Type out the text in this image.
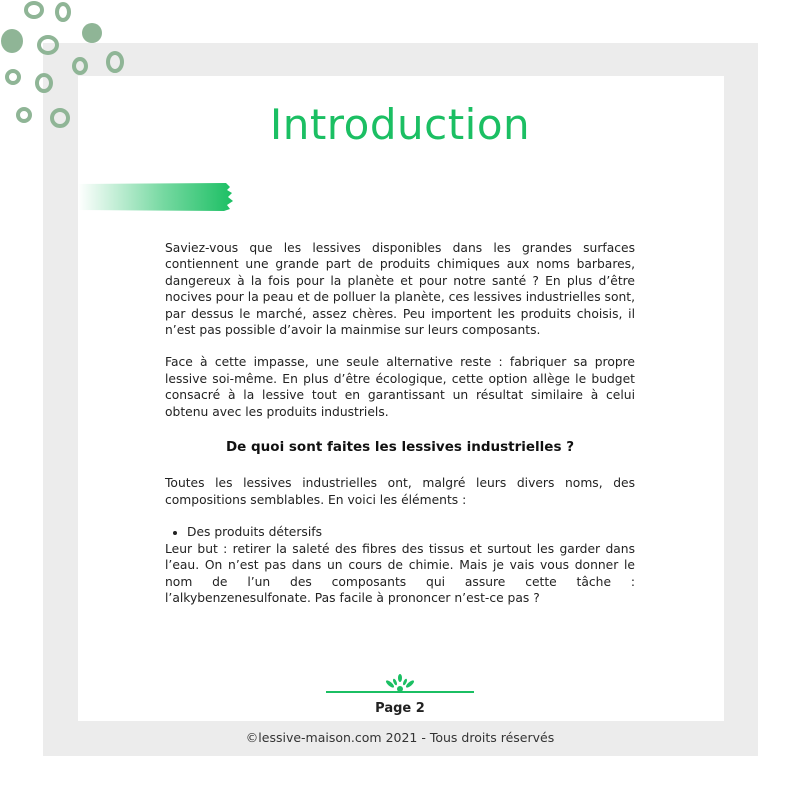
Introduction

Saviez-vous que les lessives disponibles dans les grandes surfaces contiennent une grande part de produits chimiques aux noms barbares, dangereux à la fois pour la planète et pour notre santé ? En plus d’être nocives pour la peau et de polluer la planète, ces lessives industrielles sont, par dessus le marché, assez chères. Peu importent les produits choisis, il n’est pas possible d’avoir la mainmise sur leurs composants.

Face à cette impasse, une seule alternative reste : fabriquer sa propre lessive soi-même. En plus d’être écologique, cette option allège le budget consacré à la lessive tout en garantissant un résultat similaire à celui obtenu avec les produits industriels.

De quoi sont faites les lessives industrielles ?

Toutes les lessives industrielles ont, malgré leurs divers noms, des compositions semblables. En voici les éléments :

• Des produits détersifs

Leur but : retirer la saleté des fibres des tissus et surtout les garder dans l’eau. On n’est pas dans un cours de chimie. Mais je vais vous donner le nom de l’un des composants qui assure cette tâche : l’alkybenzenesulfonate. Pas facile à prononcer n’est-ce pas ?

Page 2
©lessive-maison.com 2021 - Tous droits réservés
